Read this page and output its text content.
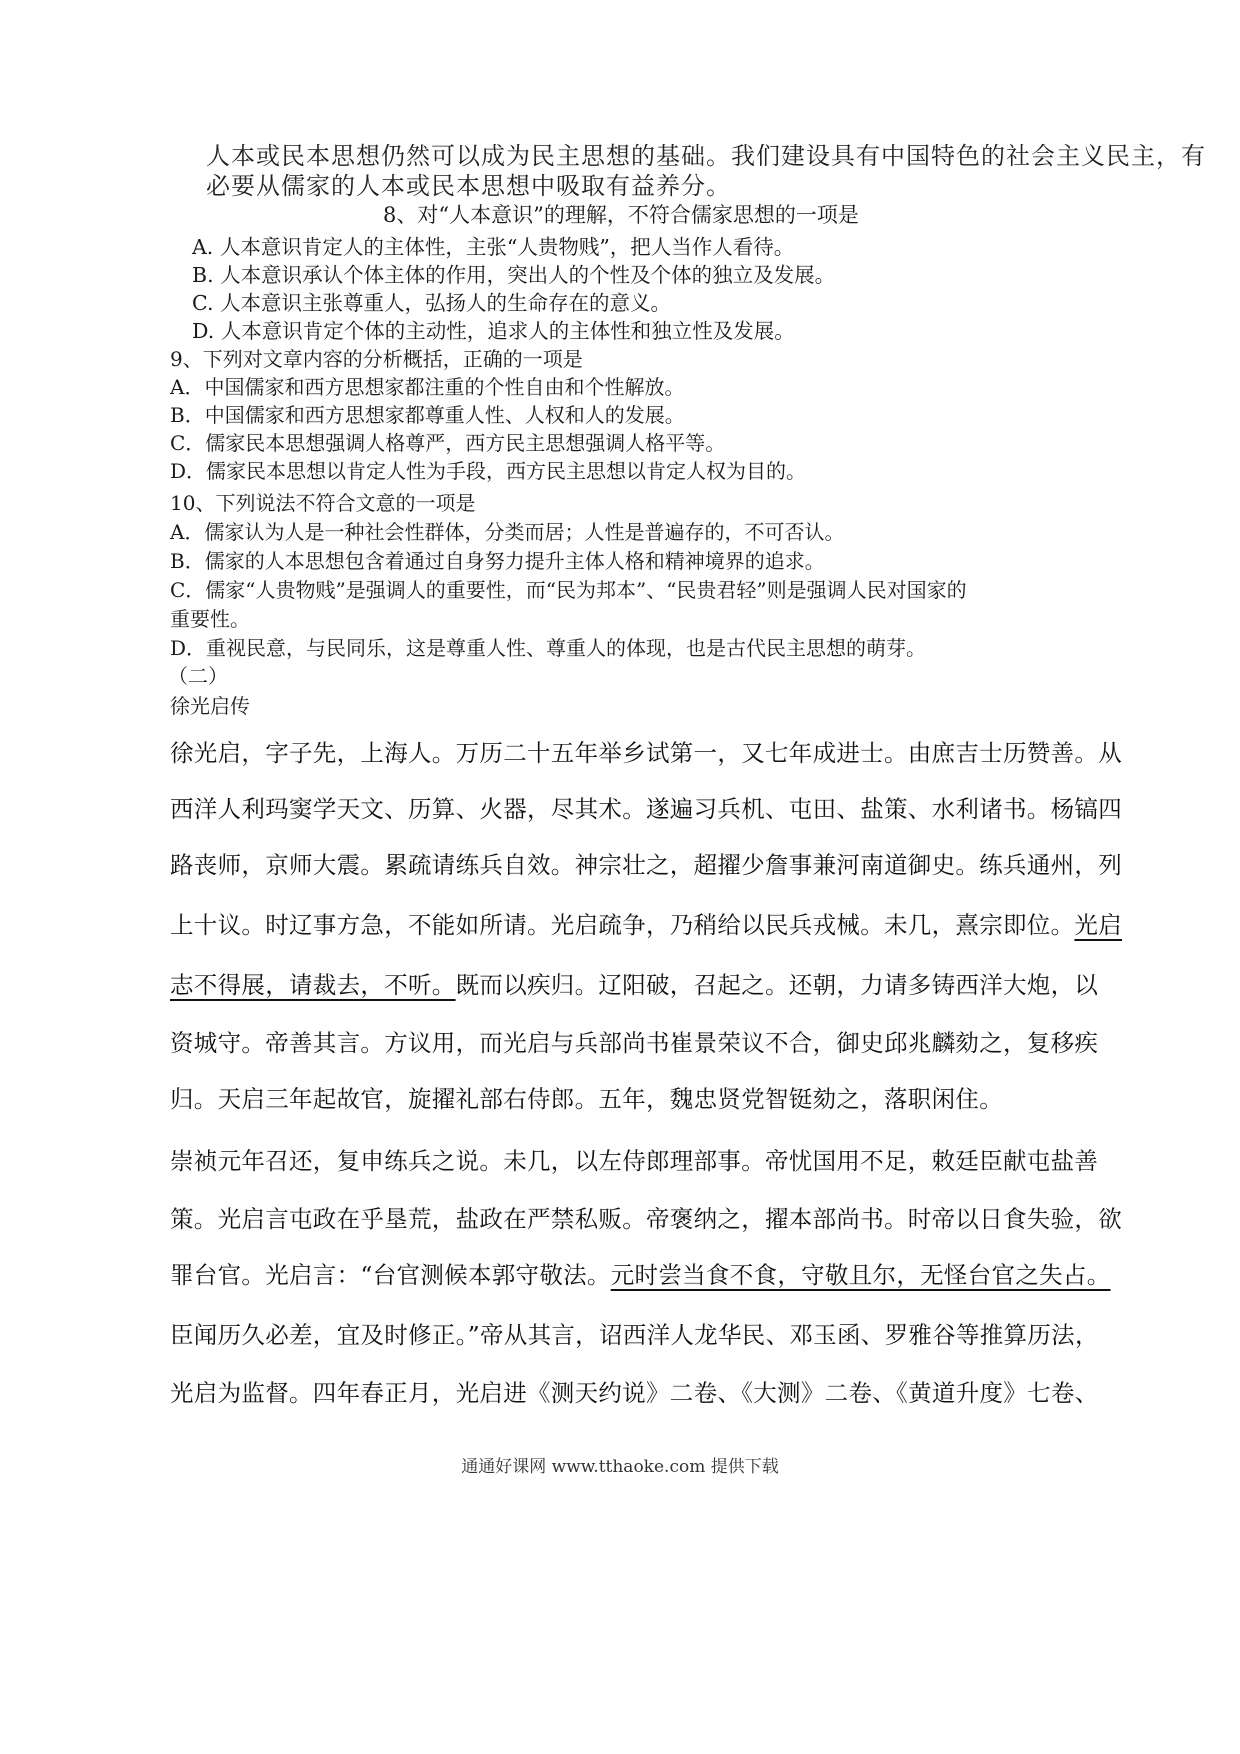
人本或民本思想仍然可以成为民主思想的基础。我们建设具有中国特色的社会主义民主，有
必要从儒家的人本或民本思想中吸取有益养分。
8、对“人本意识”的理解，不符合儒家思想的一项是
A. 人本意识肯定人的主体性，主张“人贵物贱”，把人当作人看待。
B. 人本意识承认个体主体的作用，突出人的个性及个体的独立及发展。
C. 人本意识主张尊重人，弘扬人的生命存在的意义。
D. 人本意识肯定个体的主动性，追求人的主体性和独立性及发展。
9、下列对文章内容的分析概括，正确的一项是
A．中国儒家和西方思想家都注重的个性自由和个性解放。
B．中国儒家和西方思想家都尊重人性、人权和人的发展。
C．儒家民本思想强调人格尊严，西方民主思想强调人格平等。
D．儒家民本思想以肯定人性为手段，西方民主思想以肯定人权为目的。
10、下列说法不符合文意的一项是
A．儒家认为人是一种社会性群体，分类而居；人性是普遍存的，不可否认。
B．儒家的人本思想包含着通过自身努力提升主体人格和精神境界的追求。
C．儒家“人贵物贱”是强调人的重要性，而“民为邦本”、“民贵君轻”则是强调人民对国家的
重要性。
D．重视民意，与民同乐，这是尊重人性、尊重人的体现，也是古代民主思想的萌芽。
（二）
徐光启传
徐光启，字子先，上海人。万历二十五年举乡试第一，又七年成进士。由庶吉士历赞善。从
西洋人利玛窦学天文、历算、火器，尽其术。遂遍习兵机、屯田、盐策、水利诸书。杨镐四
路丧师，京师大震。累疏请练兵自效。神宗壮之，超擢少詹事兼河南道御史。练兵通州，列
上十议。时辽事方急，不能如所请。光启疏争，乃稍给以民兵戎械。未几，熹宗即位。光启
志不得展，请裁去，不听。既而以疾归。辽阳破，召起之。还朝，力请多铸西洋大炮，以
资城守。帝善其言。方议用，而光启与兵部尚书崔景荣议不合，御史邱兆麟劾之，复移疾
归。天启三年起故官，旋擢礼部右侍郎。五年，魏忠贤党智铤劾之，落职闲住。
崇祯元年召还，复申练兵之说。未几，以左侍郎理部事。帝忧国用不足，敕廷臣献屯盐善
策。光启言屯政在乎垦荒，盐政在严禁私贩。帝褒纳之，擢本部尚书。时帝以日食失验，欲
罪台官。光启言：“台官测候本郭守敬法。元时尝当食不食，守敬且尔，无怪台官之失占。
臣闻历久必差，宜及时修正。”帝从其言，诏西洋人龙华民、邓玉函、罗雅谷等推算历法，
光启为监督。四年春正月，光启进《测天约说》二卷、《大测》二卷、《黄道升度》七卷、
通通好课网 www.tthaoke.com 提供下载
